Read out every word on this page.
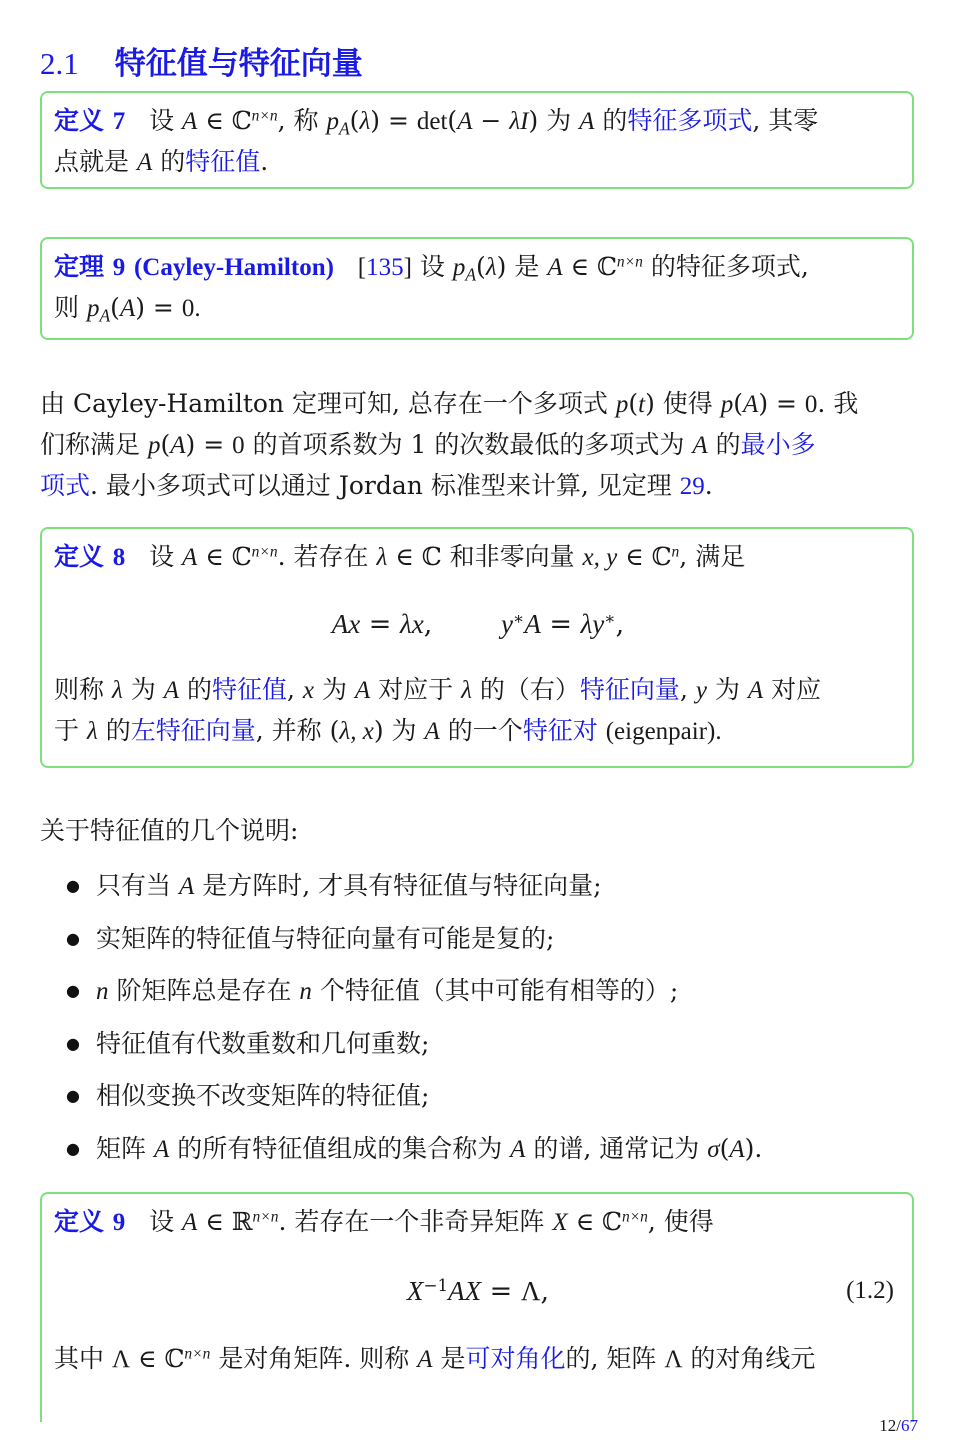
2.1 特征值与特征向量
定义 7 设 A ∈ ℂ$^{n\times n}$, 称 $p_A(\lambda) = \det(A - \lambda I)$ 为 A 的特征多项式, 其零
点就是 A 的特征值.
定理 9 (Cayley-Hamilton) [135] 设 $p_A(\lambda)$ 是 A ∈ ℂ$^{n\times n}$ 的特征多项式,
则 $p_A(A) = 0$.
由 Cayley-Hamilton 定理可知, 总存在一个多项式 p(t) 使得 p(A) = 0. 我
们称满足 p(A) = 0 的首项系数为 1 的次数最低的多项式为 A 的最小多
项式. 最小多项式可以通过 Jordan 标准型来计算, 见定理 29.
定义 8 设 A ∈ ℂ$^{n\times n}$. 若存在 λ ∈ ℂ 和非零向量 x, y ∈ ℂ$^n$, 满足
Ax = λx,        y∗A = λy∗,
则称 λ 为 A 的特征值, x 为 A 对应于 λ 的（右）特征向量, y 为 A 对应
于 λ 的左特征向量, 并称 (λ, x) 为 A 的一个特征对 (eigenpair).
关于特征值的几个说明:
● 只有当 A 是方阵时, 才具有特征值与特征向量;
● 实矩阵的特征值与特征向量有可能是复的;
● n 阶矩阵总是存在 n 个特征值（其中可能有相等的）;
● 特征值有代数重数和几何重数;
● 相似变换不改变矩阵的特征值;
● 矩阵 A 的所有特征值组成的集合称为 A 的谱, 通常记为 σ(A).
定义 9 设 A ∈ ℝ$^{n\times n}$. 若存在一个非奇异矩阵 X ∈ ℂ$^{n\times n}$, 使得
$X^{-1}AX = \Lambda$,	(1.2)
其中 Λ ∈ ℂ$^{n\times n}$ 是对角矩阵. 则称 A 是可对角化的, 矩阵 Λ 的对角线元
12/67
